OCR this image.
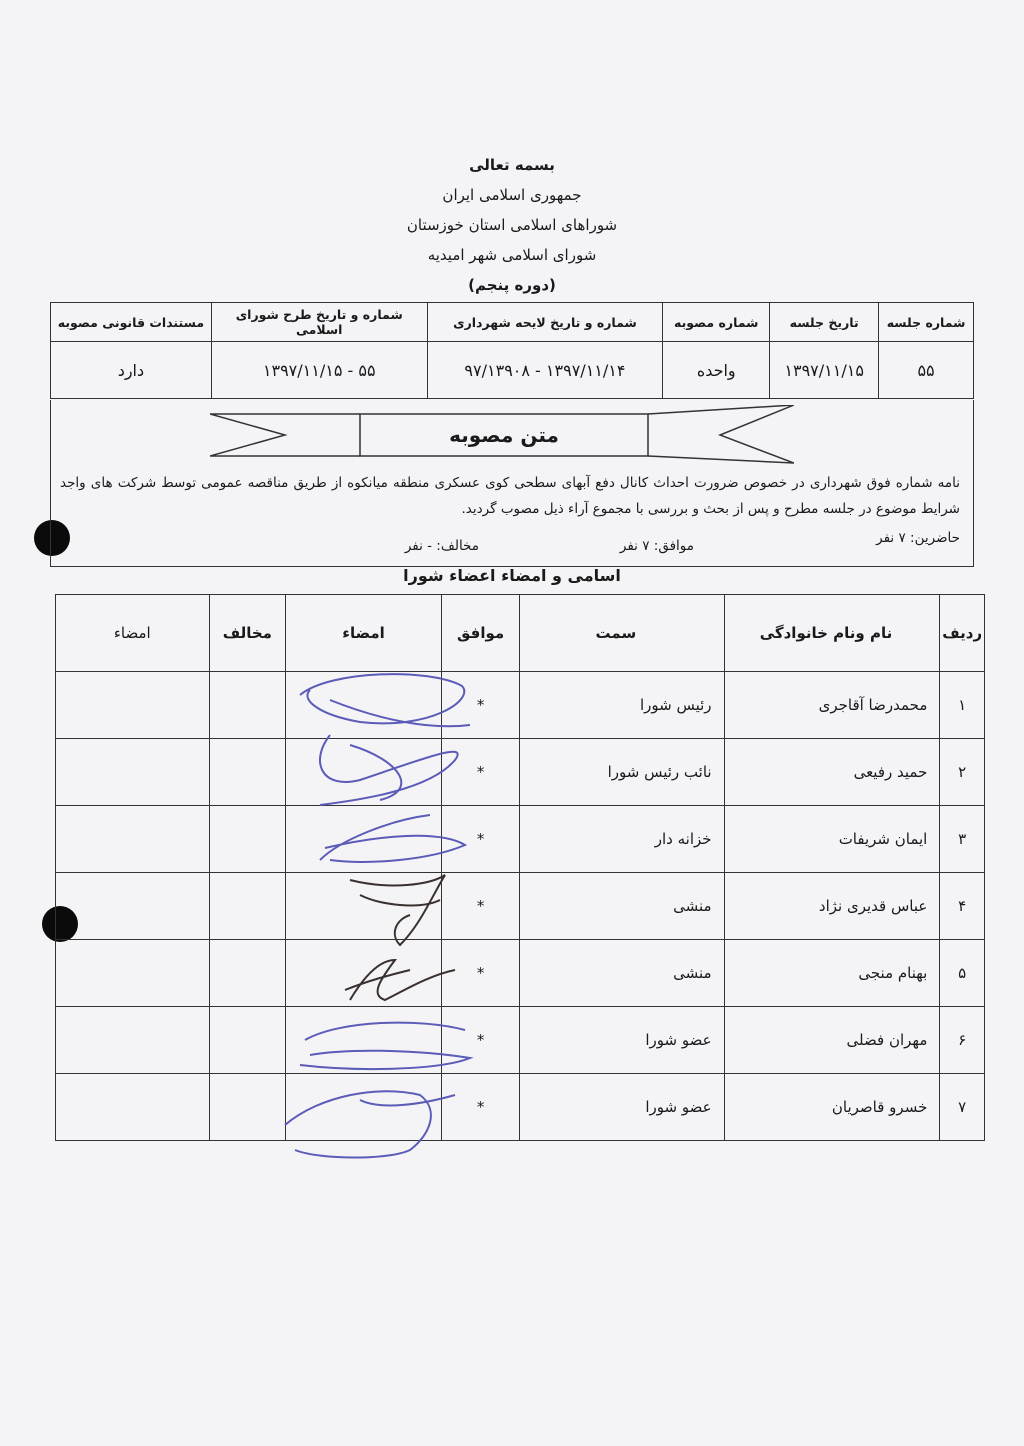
بسمه تعالی
جمهوری اسلامی ایران
شوراهای اسلامی استان خوزستان
شورای اسلامی شهر امیدیه
(دوره پنجم)
شماره جلسه	تاریخ جلسه	شماره مصوبه	شماره و تاریخ لایحه شهرداری	شماره و تاریخ طرح شورای اسلامی	مستندات قانونی مصوبه
۵۵	۱۳۹۷/۱۱/۱۵	واحده	۱۳۹۷/۱۱/۱۴ - ۹۷/۱۳۹۰۸	۵۵ - ۱۳۹۷/۱۱/۱۵	دارد
متن مصوبه
نامه شماره فوق شهرداری در خصوص ضرورت احداث کانال دفع آبهای سطحی کوی عسکری منطقه میانکوه از طریق مناقصه عمومی توسط شرکت های واجد شرایط موضوع در جلسه مطرح و پس از بحث و بررسی با مجموع آراء ذیل مصوب گردید.
حاضرین: ۷ نفر
موافق: ۷ نفر
مخالف: - نفر
اسامی و امضاء اعضاء شورا
ردیف	نام ونام خانوادگی	سمت	موافق	امضاء	مخالف	امضاء
۱	محمدرضا آقاجری	رئیس شورا	*			
۲	حمید رفیعی	نائب رئیس شورا	*			
۳	ایمان شریفات	خزانه دار	*			
۴	عباس قدیری نژاد	منشی	*			
۵	بهنام منجی	منشی	*			
۶	مهران فضلی	عضو شورا	*			
۷	خسرو قاصریان	عضو شورا	*			
